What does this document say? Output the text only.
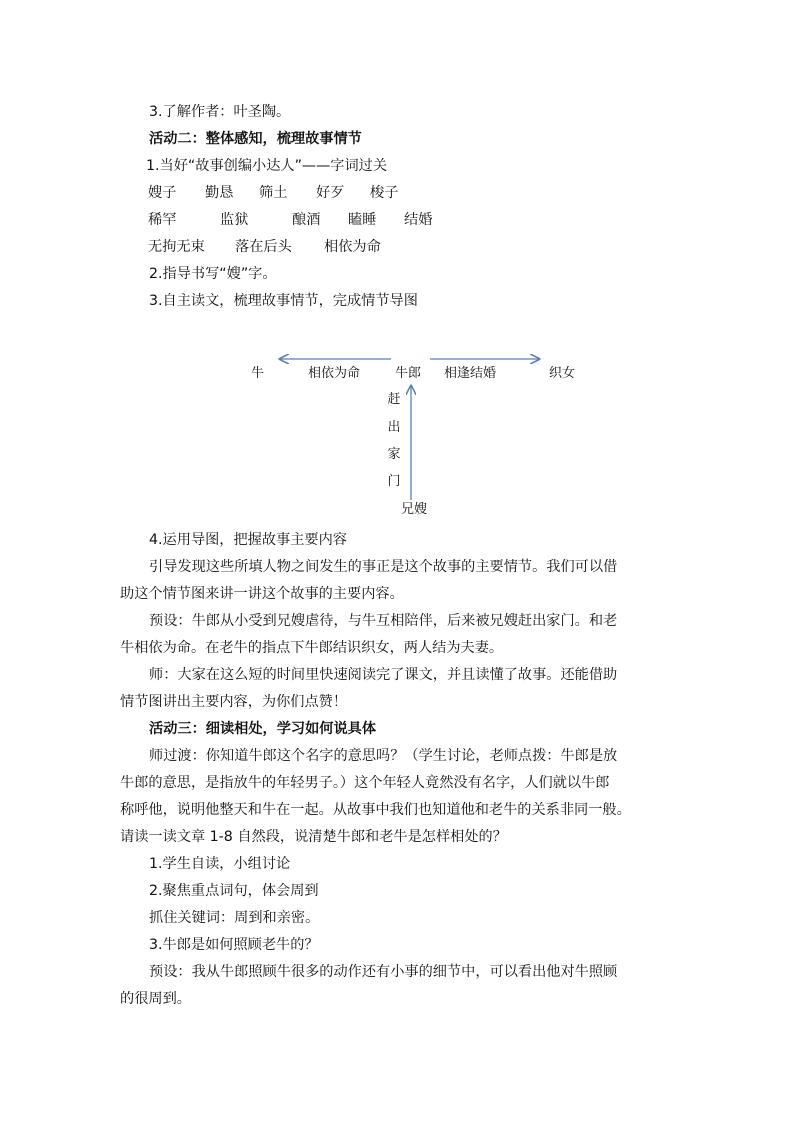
3.了解作者：叶圣陶。
活动二：整体感知，梳理故事情节
1.当好“故事创编小达人”——字词过关
嫂子 勤恳 筛土 好歹 梭子
稀罕	监狱	酿酒 瞌睡 结婚
无拘无束 落在后头 相依为命
2.指导书写“嫂”字。
3.自主读文，梳理故事情节，完成情节导图
牛	相依为命	牛郎 相逢结婚	织女
赶
出
家
门
兄嫂
4.运用导图，把握故事主要内容
引导发现这些所填人物之间发生的事正是这个故事的主要情节。我们可以借
助这个情节图来讲一讲这个故事的主要内容。
预设：牛郎从小受到兄嫂虐待，与牛互相陪伴，后来被兄嫂赶出家门。和老
牛相依为命。在老牛的指点下牛郎结识织女，两人结为夫妻。
师：大家在这么短的时间里快速阅读完了课文，并且读懂了故事。还能借助
情节图讲出主要内容，为你们点赞！
活动三：细读相处，学习如何说具体
师过渡：你知道牛郎这个名字的意思吗？（学生讨论，老师点拨：牛郎是放
牛郎的意思，是指放牛的年轻男子。）这个年轻人竟然没有名字，人们就以牛郎
称呼他，说明他整天和牛在一起。从故事中我们也知道他和老牛的关系非同一般。
请读一读文章 1-8 自然段，说清楚牛郎和老牛是怎样相处的？
1.学生自读，小组讨论
2.聚焦重点词句，体会周到
抓住关键词：周到和亲密。
3.牛郎是如何照顾老牛的？
预设：我从牛郎照顾牛很多的动作还有小事的细节中，可以看出他对牛照顾
的很周到。
